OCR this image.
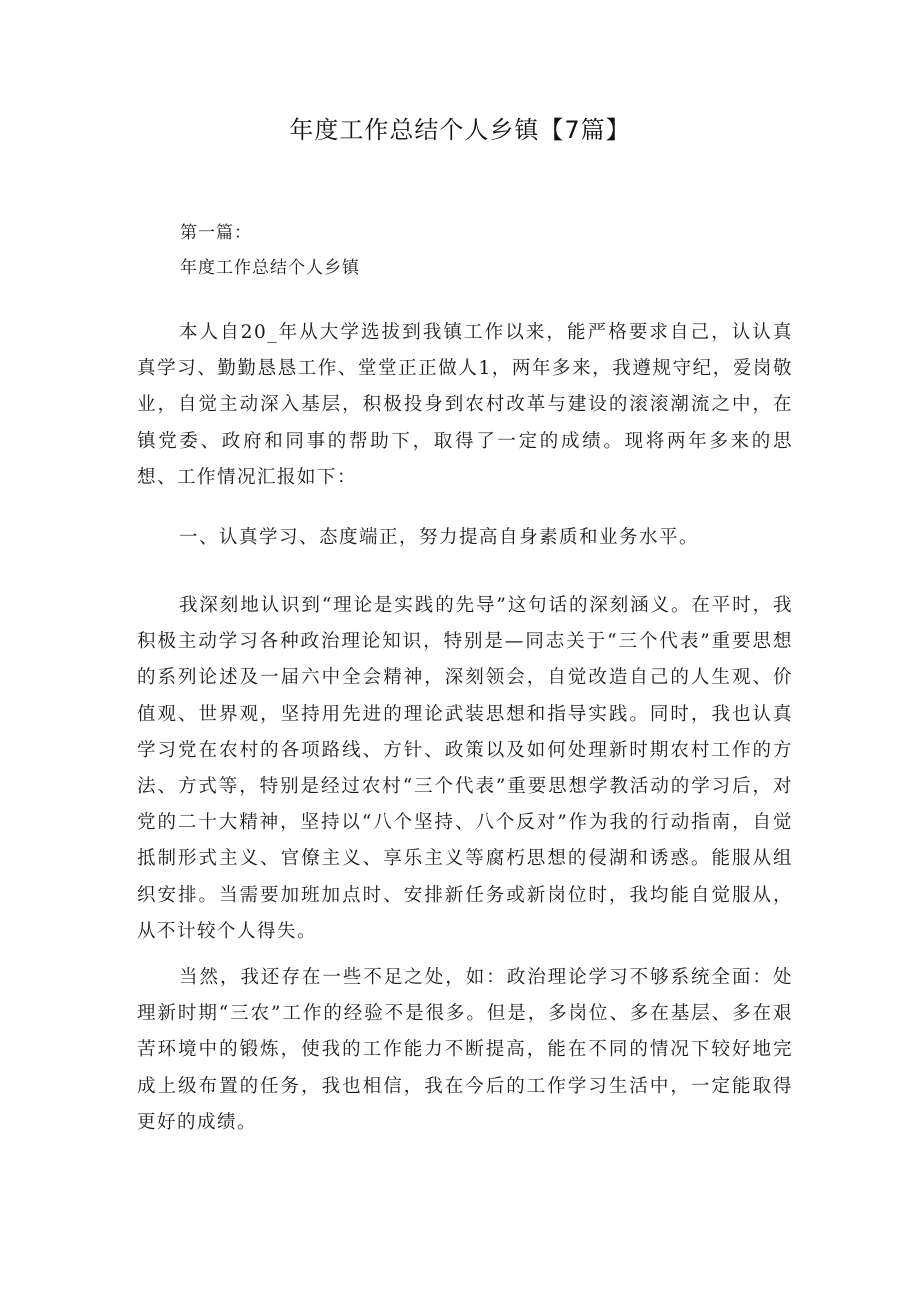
年度工作总结个人乡镇【7篇】
第一篇：
年度工作总结个人乡镇

本人自20_年从大学选拔到我镇工作以来，能严格要求自己，认认真真学习、勤勤恳恳工作、堂堂正正做人1，两年多来，我遵规守纪，爱岗敬业，自觉主动深入基层，积极投身到农村改革与建设的滚滚潮流之中，在镇党委、政府和同事的帮助下，取得了一定的成绩。现将两年多来的思想、工作情况汇报如下：

一、认真学习、态度端正，努力提高自身素质和业务水平。

我深刻地认识到“理论是实践的先导”这句话的深刻涵义。在平时，我积极主动学习各种政治理论知识，特别是—同志关于“三个代表”重要思想的系列论述及一届六中全会精神，深刻领会，自觉改造自己的人生观、价值观、世界观，坚持用先进的理论武装思想和指导实践。同时，我也认真学习党在农村的各项路线、方针、政策以及如何处理新时期农村工作的方法、方式等，特别是经过农村“三个代表”重要思想学教活动的学习后，对党的二十大精神，坚持以“八个坚持、八个反对”作为我的行动指南，自觉抵制形式主义、官僚主义、享乐主义等腐朽思想的侵湖和诱惑。能服从组织安排。当需要加班加点时、安排新任务或新岗位时，我均能自觉服从，从不计较个人得失。

当然，我还存在一些不足之处，如：政治理论学习不够系统全面：处理新时期“三农”工作的经验不是很多。但是，多岗位、多在基层、多在艰苦环境中的锻炼，使我的工作能力不断提高，能在不同的情况下较好地完成上级布置的任务，我也相信，我在今后的工作学习生活中，一定能取得更好的成绩。
